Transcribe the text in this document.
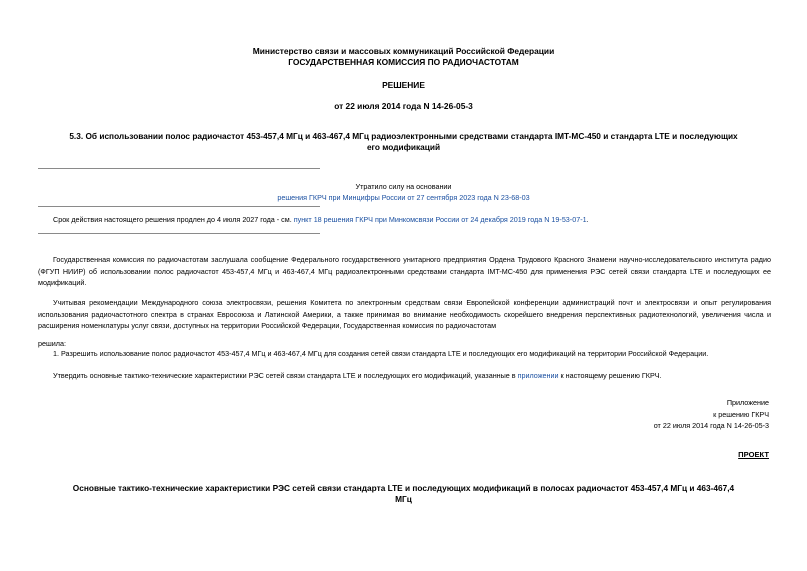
Министерство связи и массовых коммуникаций Российской Федерации
ГОСУДАРСТВЕННАЯ КОМИССИЯ ПО РАДИОЧАСТОТАМ
РЕШЕНИЕ
от 22 июля 2014 года N 14-26-05-3
5.3. Об использовании полос радиочастот 453-457,4 МГц и 463-467,4 МГц радиоэлектронными средствами стандарта IMT-MC-450 и стандарта LTE и последующих
его модификаций
Утратило силу на основании
решения ГКРЧ при Минцифры России от 27 сентября 2023 года N 23-68-03
Срок действия настоящего решения продлен до 4 июля 2027 года - см. пункт 18 решения ГКРЧ при Минкомсвязи России от 24 декабря 2019 года N 19-53-07-1.
Государственная комиссия по радиочастотам заслушала сообщение Федерального государственного унитарного предприятия Ордена Трудового Красного Знамени научно-исследовательского института радио (ФГУП НИИР) об использовании полос радиочастот 453-457,4 МГц и 463-467,4 МГц радиоэлектронными средствами стандарта IMT-MC-450 для применения РЭС сетей связи стандарта LTE и последующих ее модификаций.
Учитывая рекомендации Международного союза электросвязи, решения Комитета по электронным средствам связи Европейской конференции администраций почт и электросвязи и опыт регулирования использования радиочастотного спектра в странах Евросоюза и Латинской Америки, а также принимая во внимание необходимость скорейшего внедрения перспективных радиотехнологий, увеличения числа и расширения номенклатуры услуг связи, доступных на территории Российской Федерации, Государственная комиссия по радиочастотам
решила:
1. Разрешить использование полос радиочастот 453-457,4 МГц и 463-467,4 МГц для создания сетей связи стандарта LTE и последующих его модификаций на территории Российской Федерации.
Утвердить основные тактико-технические характеристики РЭС сетей связи стандарта LTE и последующих его модификаций, указанные в приложении к настоящему решению ГКРЧ.
Приложение
к решению ГКРЧ
от 22 июля 2014 года N 14-26-05-3
ПРОЕКТ
Основные тактико-технические характеристики РЭС сетей связи стандарта LTE и последующих модификаций в полосах радиочастот 453-457,4 МГц и 463-467,4
МГц
